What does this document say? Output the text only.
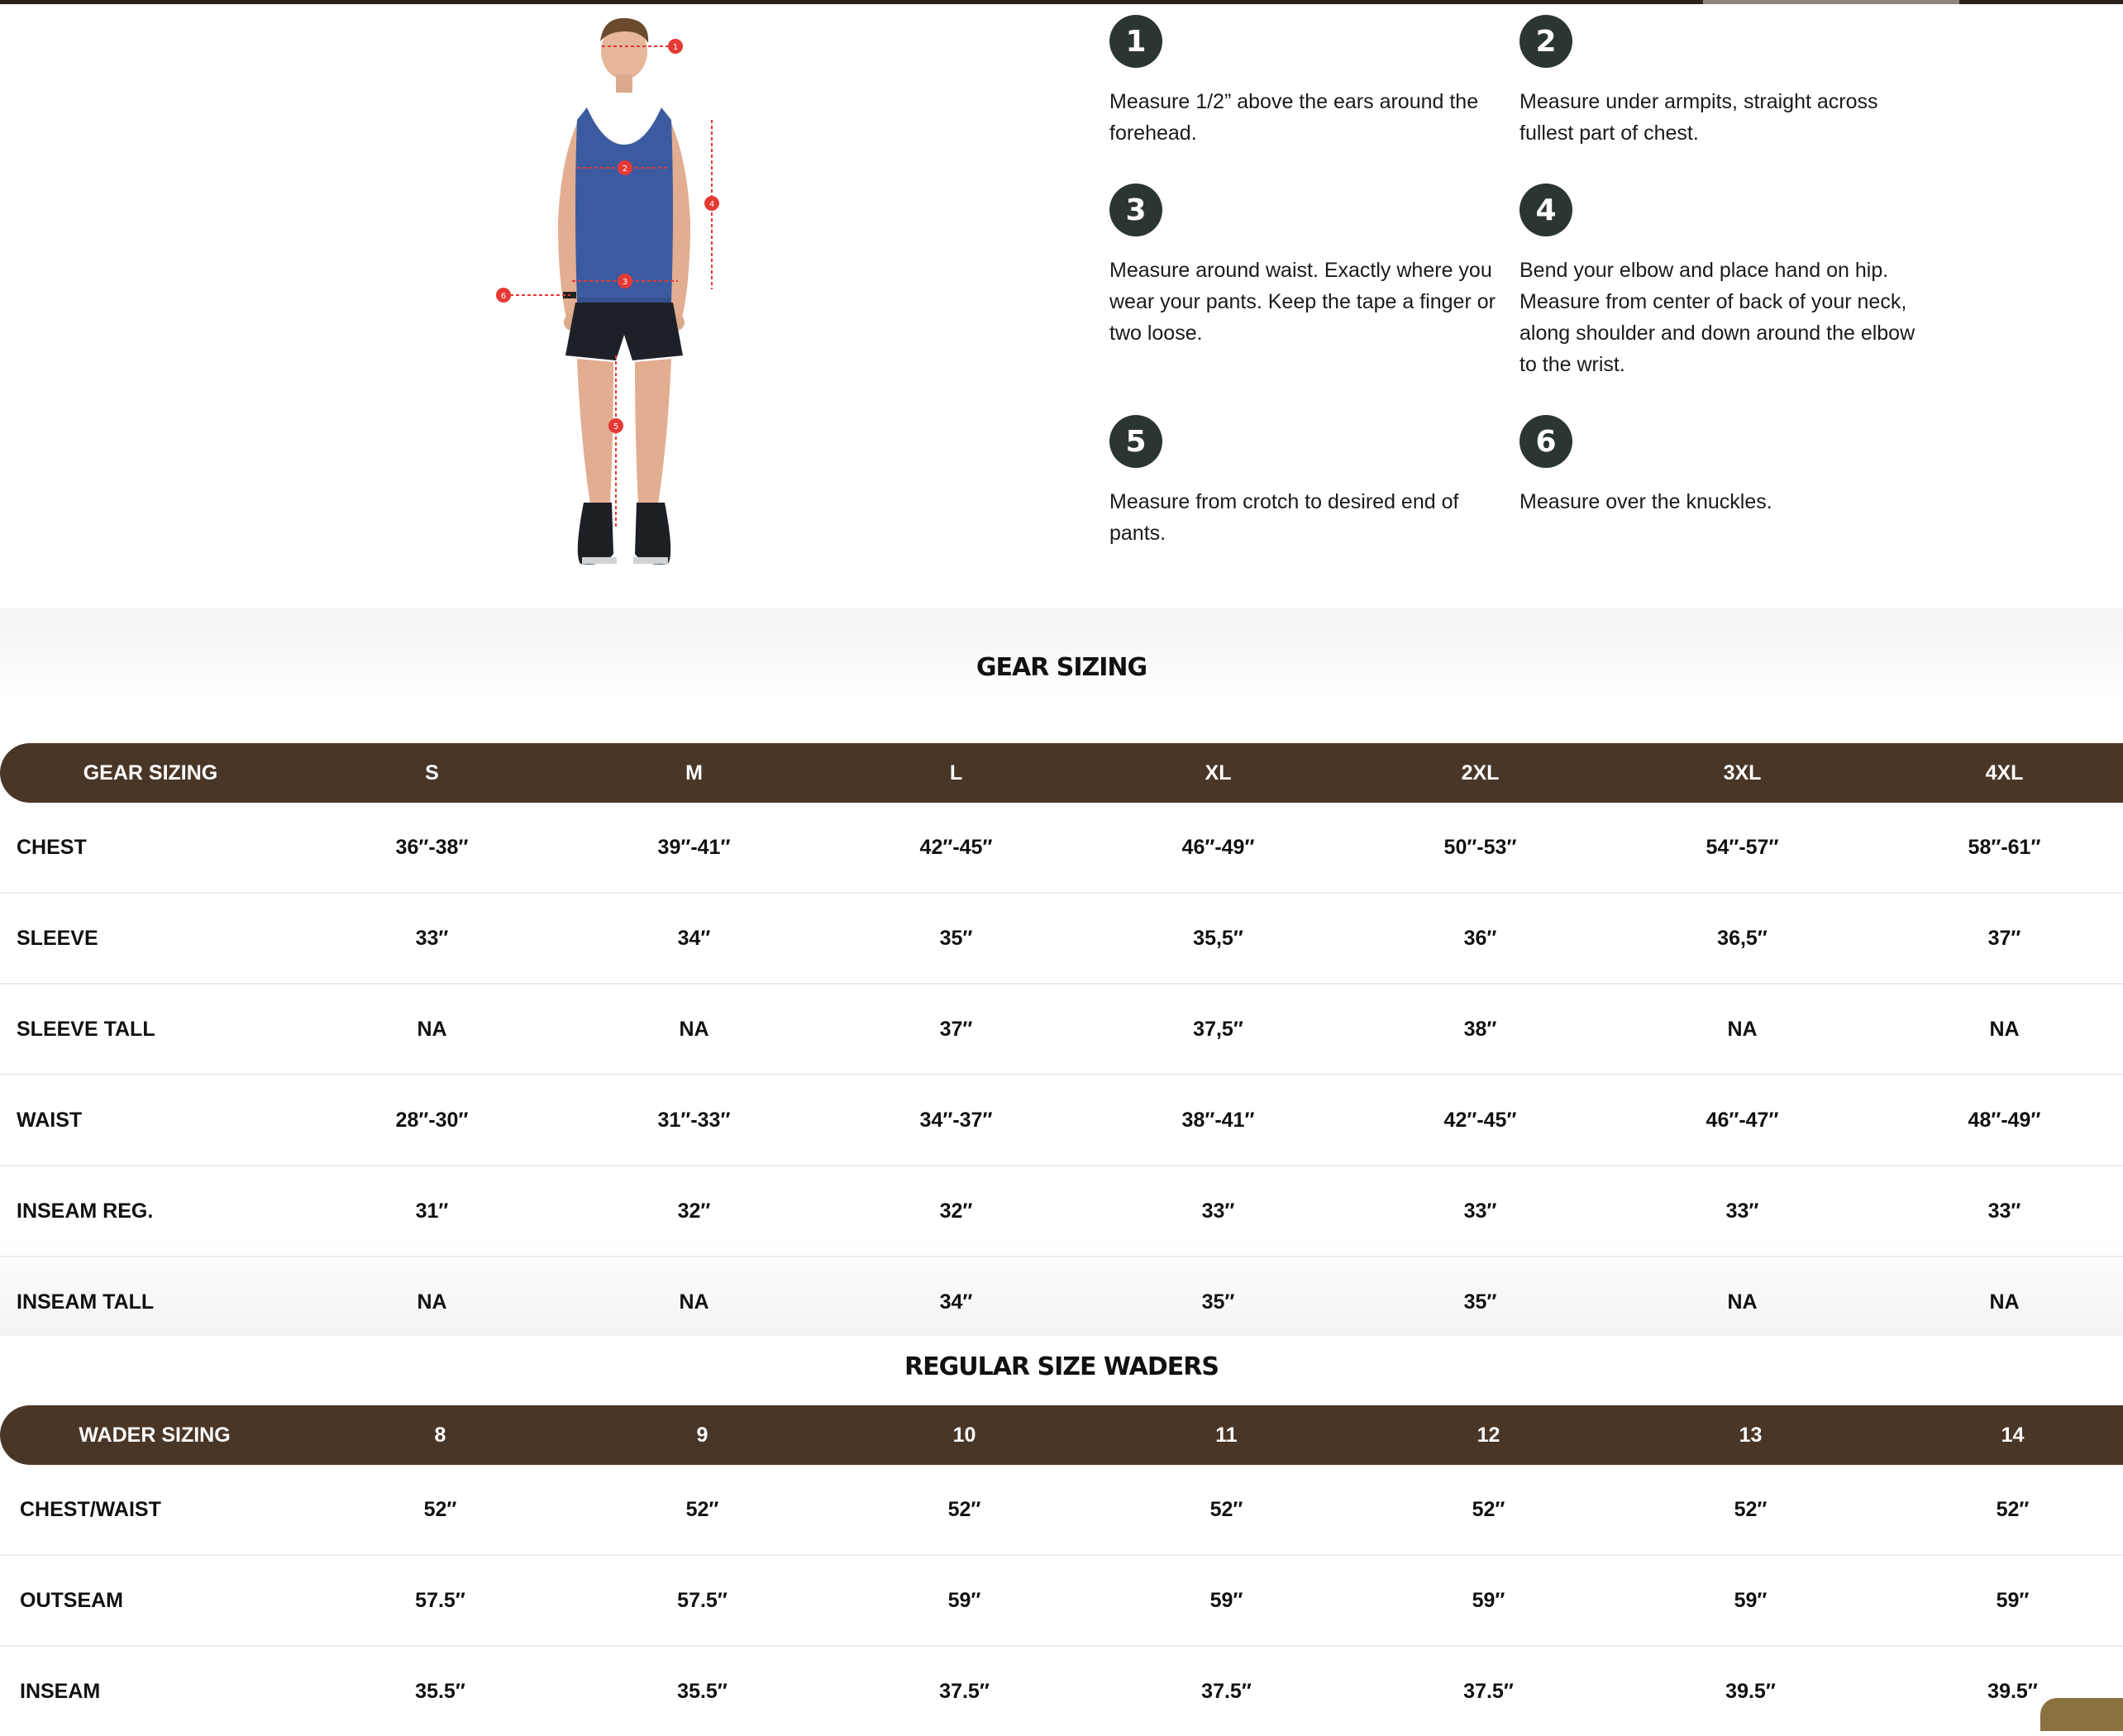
1
2
3
4
5
6
1
Measure 1/2” above the ears around the forehead.
2
Measure under armpits, straight across fullest part of chest.
3
Measure around waist. Exactly where you wear your pants. Keep the tape a finger or two loose.
4
Bend your elbow and place hand on hip. Measure from center of back of your neck, along shoulder and down around the elbow to the wrist.
5
Measure from crotch to desired end of pants.
6
Measure over the knuckles.
GEAR SIZING
GEAR SIZING	S	M	L	XL	2XL	3XL	4XL
CHEST	36″-38″	39″-41″	42″-45″	46″-49″	50″-53″	54″-57″	58″-61″
SLEEVE	33″	34″	35″	35,5″	36″	36,5″	37″
SLEEVE TALL	NA	NA	37″	37,5″	38″	NA	NA
WAIST	28″-30″	31″-33″	34″-37″	38″-41″	42″-45″	46″-47″	48″-49″
INSEAM REG.	31″	32″	32″	33″	33″	33″	33″
INSEAM TALL	NA	NA	34″	35″	35″	NA	NA
REGULAR SIZE WADERS
WADER SIZING	8	9	10	11	12	13	14
CHEST/WAIST	52″	52″	52″	52″	52″	52″	52″
OUTSEAM	57.5″	57.5″	59″	59″	59″	59″	59″
INSEAM	35.5″	35.5″	37.5″	37.5″	37.5″	39.5″	39.5″
